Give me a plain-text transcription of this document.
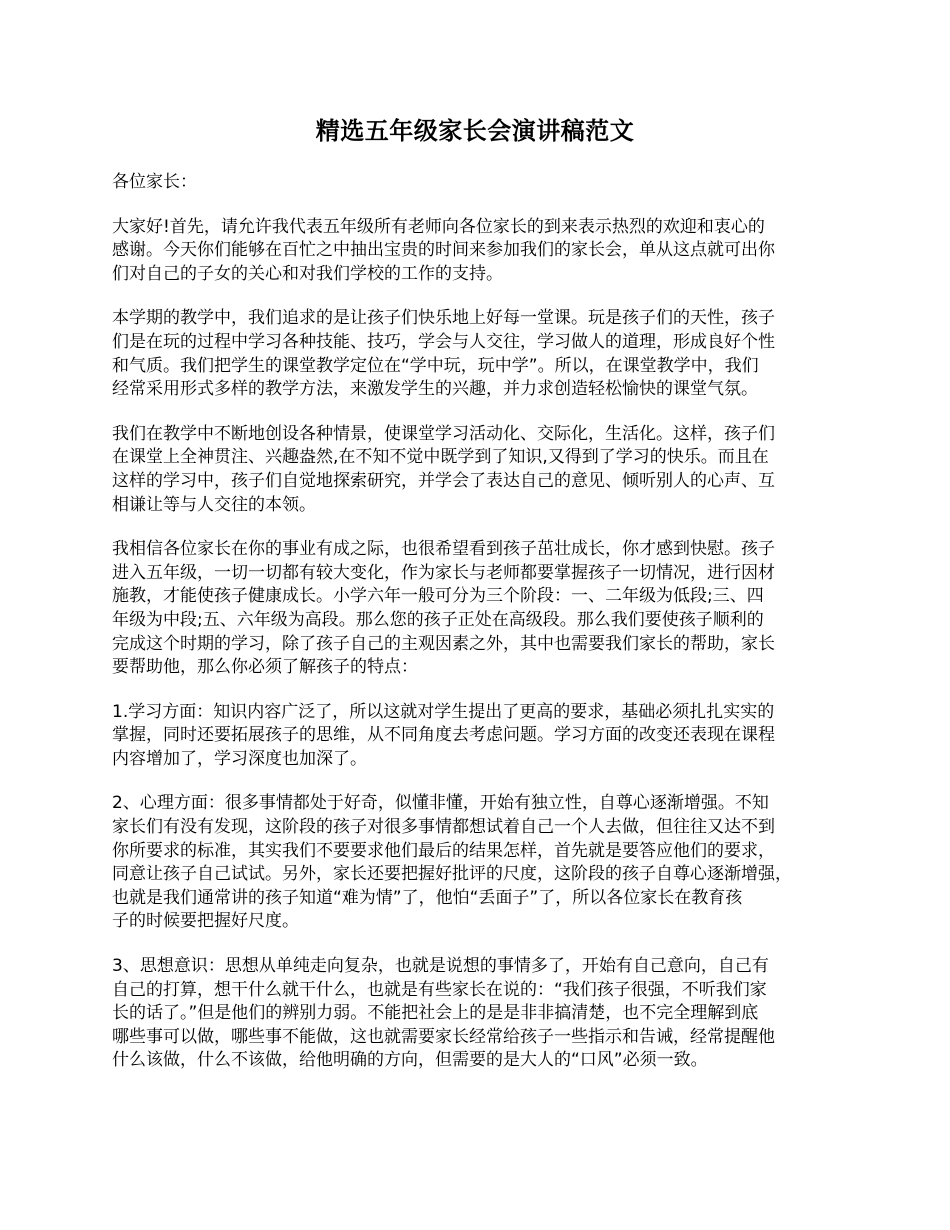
精选五年级家长会演讲稿范文

各位家长：

大家好!首先，请允许我代表五年级所有老师向各位家长的到来表示热烈的欢迎和衷心的
感谢。今天你们能够在百忙之中抽出宝贵的时间来参加我们的家长会，单从这点就可出你
们对自己的子女的关心和对我们学校的工作的支持。

本学期的教学中，我们追求的是让孩子们快乐地上好每一堂课。玩是孩子们的天性，孩子
们是在玩的过程中学习各种技能、技巧，学会与人交往，学习做人的道理，形成良好个性
和气质。我们把学生的课堂教学定位在“学中玩，玩中学”。所以，在课堂教学中，我们
经常采用形式多样的教学方法，来激发学生的兴趣，并力求创造轻松愉快的课堂气氛。

我们在教学中不断地创设各种情景，使课堂学习活动化、交际化，生活化。这样，孩子们
在课堂上全神贯注、兴趣盎然,在不知不觉中既学到了知识,又得到了学习的快乐。而且在
这样的学习中，孩子们自觉地探索研究，并学会了表达自己的意见、倾听别人的心声、互
相谦让等与人交往的本领。

我相信各位家长在你的事业有成之际，也很希望看到孩子茁壮成长，你才感到快慰。孩子
进入五年级，一切一切都有较大变化，作为家长与老师都要掌握孩子一切情况，进行因材
施教，才能使孩子健康成长。小学六年一般可分为三个阶段：一、二年级为低段;三、四
年级为中段;五、六年级为高段。那么您的孩子正处在高级段。那么我们要使孩子顺利的
完成这个时期的学习，除了孩子自己的主观因素之外，其中也需要我们家长的帮助，家长
要帮助他，那么你必须了解孩子的特点：

1.学习方面：知识内容广泛了，所以这就对学生提出了更高的要求，基础必须扎扎实实的
掌握，同时还要拓展孩子的思维，从不同角度去考虑问题。学习方面的改变还表现在课程
内容增加了，学习深度也加深了。

2、心理方面：很多事情都处于好奇，似懂非懂，开始有独立性，自尊心逐渐增强。不知
家长们有没有发现，这阶段的孩子对很多事情都想试着自己一个人去做，但往往又达不到
你所要求的标准，其实我们不要要求他们最后的结果怎样，首先就是要答应他们的要求，
同意让孩子自己试试。另外，家长还要把握好批评的尺度，这阶段的孩子自尊心逐渐增强，
也就是我们通常讲的孩子知道“难为情”了，他怕“丢面子”了，所以各位家长在教育孩
子的时候要把握好尺度。

3、思想意识：思想从单纯走向复杂，也就是说想的事情多了，开始有自己意向，自己有
自己的打算，想干什么就干什么，也就是有些家长在说的：“我们孩子很强，不听我们家
长的话了。”但是他们的辨别力弱。不能把社会上的是是非非搞清楚，也不完全理解到底
哪些事可以做，哪些事不能做，这也就需要家长经常给孩子一些指示和告诫，经常提醒他
什么该做，什么不该做，给他明确的方向，但需要的是大人的“口风”必须一致。
